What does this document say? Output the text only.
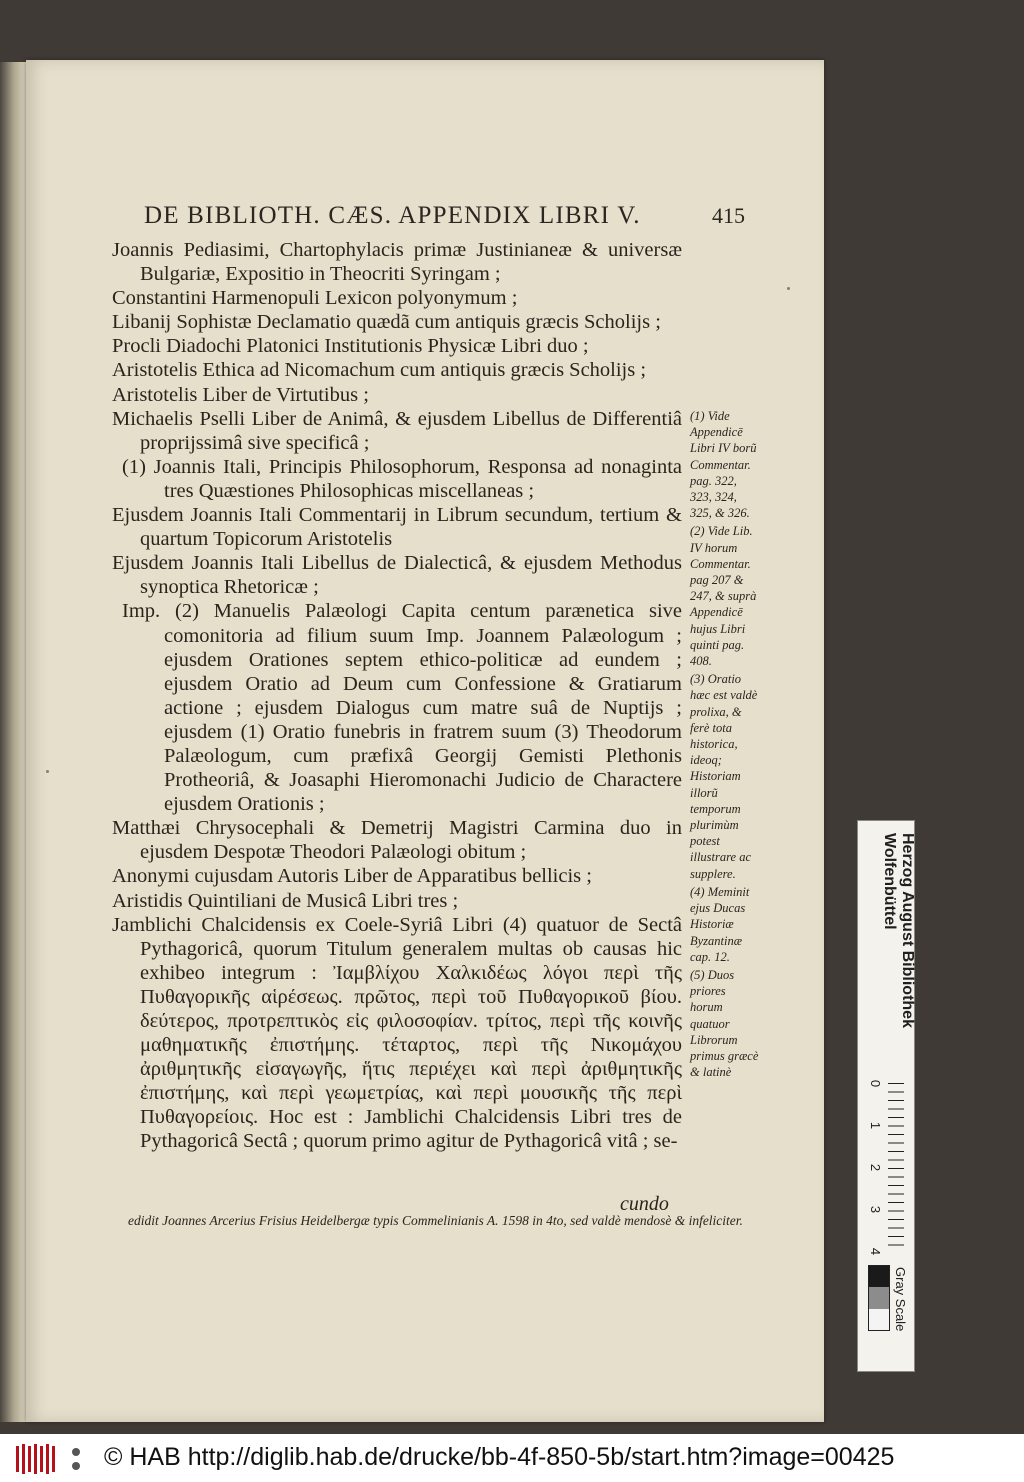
DE BIBLIOTH. CÆS. APPENDIX LIBRI V.	415
Joannis Pediasimi, Chartophylacis primæ Justinianeæ & universæ Bulgariæ, Expositio in Theocriti Syringam ;
Constantini Harmenopuli Lexicon polyonymum ;
Libanij Sophistæ Declamatio quædã cum antiquis græcis Scholijs ;
Procli Diadochi Platonici Institutionis Physicæ Libri duo ;
Aristotelis Ethica ad Nicomachum cum antiquis græcis Scholijs ;
Aristotelis Liber de Virtutibus ;
Michaelis Pselli Liber de Animâ, & ejusdem Libellus de Differentiâ proprijssimâ sive specificâ ;
(1) Joannis Itali, Principis Philosophorum, Responsa ad nonaginta tres Quæstiones Philosophicas miscellaneas ;
Ejusdem Joannis Itali Commentarij in Librum secundum, tertium & quartum Topicorum Aristotelis
Ejusdem Joannis Itali Libellus de Dialecticâ, & ejusdem Methodus synoptica Rhetoricæ ;
Imp. (2) Manuelis Palæologi Capita centum parænetica sive comonitoria ad filium suum Imp. Joannem Palæologum ; ejusdem Orationes septem ethico-politicæ ad eundem ; ejusdem Oratio ad Deum cum Confessione & Gratiarum actione ; ejusdem Dialogus cum matre suâ de Nuptijs ; ejusdem (1) Oratio funebris in fratrem suum (3) Theodorum Palæologum, cum præfixâ Georgij Gemisti Plethonis Protheoriâ, & Joasaphi Hieromonachi Judicio de Charactere ejusdem Orationis ;
Matthæi Chrysocephali & Demetrij Magistri Carmina duo in ejusdem Despotæ Theodori Palæologi obitum ;
Anonymi cujusdam Autoris Liber de Apparatibus bellicis ;
Aristidis Quintiliani de Musicâ Libri tres ;
Jamblichi Chalcidensis ex Coele-Syriâ Libri (4) quatuor de Sectâ Pythagoricâ, quorum Titulum generalem multas ob causas hic exhibeo integrum : Ἰαμβλίχου Χαλκιδέως λόγοι περὶ τῆς Πυθαγορικῆς αἱρέσεως. πρῶτος, περὶ τοῦ Πυθαγορικοῦ βίου. δεύτερος, προτρεπτικὸς εἰς φιλοσοφίαν. τρίτος, περὶ τῆς κοινῆς μαθηματικῆς ἐπιστήμης. τέταρτος, περὶ τῆς Νικομάχου ἀριθμητικῆς εἰσαγωγῆς, ἥτις περιέχει καὶ περὶ ἀριθμητικῆς ἐπιστήμης, καὶ περὶ γεωμετρίας, καὶ περὶ μουσικῆς τῆς περὶ Πυθαγορείοις. Hoc est : Jamblichi Chalcidensis Libri tres de Pythagoricâ Sectâ ; quorum primo agitur de Pythagoricâ vitâ ; se-
cundo
edidit Joannes Arcerius Frisius Heidelbergæ typis Commelinianis A. 1598 in 4to, sed valdè mendosè & infeliciter.
(1) Vide Appendicē Libri IV borũ Commentar. pag. 322, 323, 324, 325, & 326.
(2) Vide Lib. IV horum Commentar. pag 207 & 247, & suprà Appendicē hujus Libri quinti pag. 408.
(3) Oratio hæc est valdè prolixa, & ferè tota historica, ideoq; Historiam illorũ temporum plurimùm potest illustrare ac supplere.
(4) Meminit ejus Ducas Historiæ Byzantinæ cap. 12.
(5) Duos priores horum quatuor Librorum primus græcè & latinè
Herzog August Bibliothek
Wolfenbüttel
0
1
2
3
4
Gray Scale
© HAB http://diglib.hab.de/drucke/bb-4f-850-5b/start.htm?image=00425
